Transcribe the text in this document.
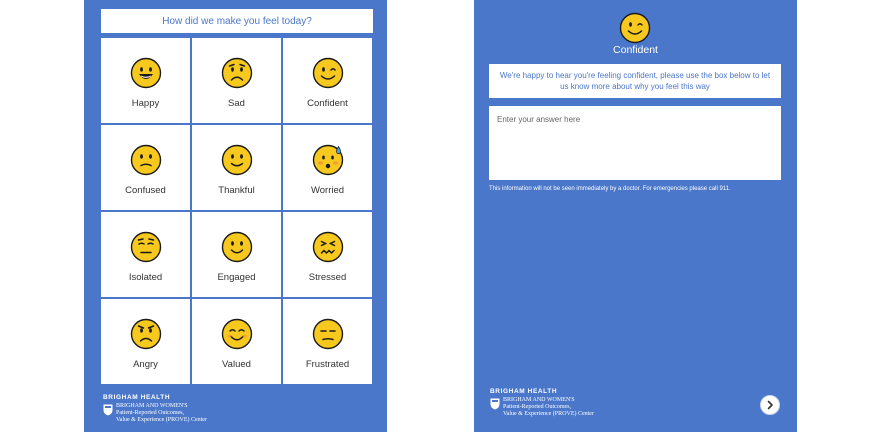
How did we make you feel today?
Happy	Sad	Confident
Confused	Thankful	Worried
Isolated	Engaged	Stressed
Angry	Valued	Frustrated
BRIGHAM HEALTH
BRIGHAM AND WOMEN'S
Patient-Reported Outcomes,
Value & Experience (PROVE) Center
Confident
We're happy to hear you're feeling confident, please use the box below to let us know more about why you feel this way
Enter your answer here
This information will not be seen immediately by a doctor. For emergencies please call 911.
BRIGHAM HEALTH
BRIGHAM AND WOMEN'S
Patient-Reported Outcomes,
Value & Experience (PROVE) Center
